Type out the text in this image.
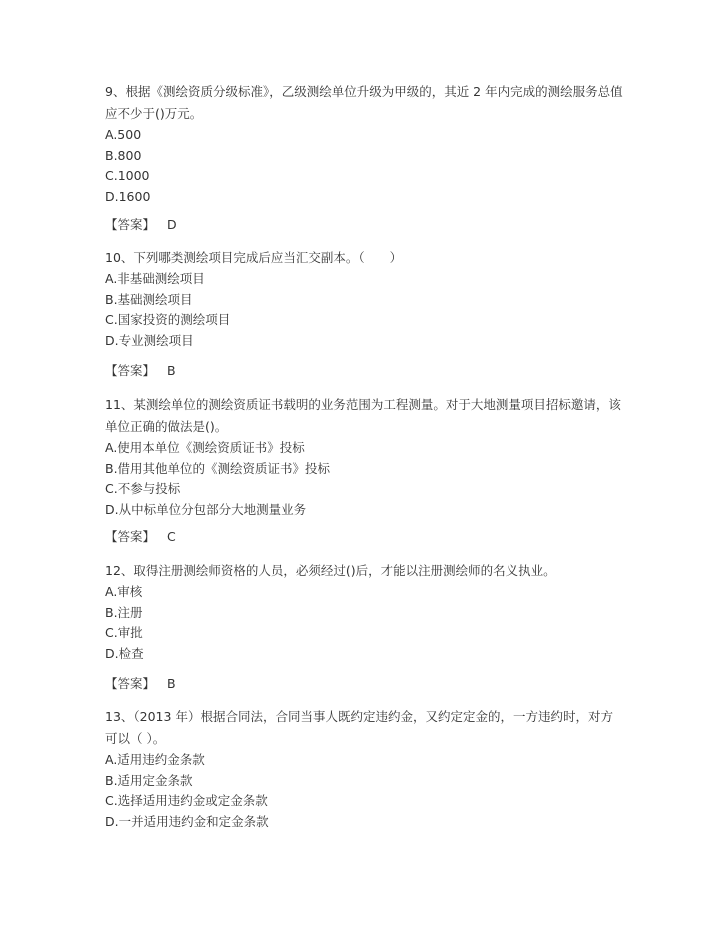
9、根据《测绘资质分级标准》，乙级测绘单位升级为甲级的，其近 2 年内完成的测绘服务总值应不少于()万元。

A.500
B.800
C.1000
D.1600
【答案】 D

10、下列哪类测绘项目完成后应当汇交副本。（　　）

A.非基础测绘项目
B.基础测绘项目
C.国家投资的测绘项目
D.专业测绘项目
【答案】 B

11、某测绘单位的测绘资质证书载明的业务范围为工程测量。对于大地测量项目招标邀请，该单位正确的做法是()。

A.使用本单位《测绘资质证书》投标
B.借用其他单位的《测绘资质证书》投标
C.不参与投标
D.从中标单位分包部分大地测量业务
【答案】 C

12、取得注册测绘师资格的人员，必须经过()后，才能以注册测绘师的名义执业。

A.审核
B.注册
C.审批
D.检查
【答案】 B

13、（2013 年）根据合同法，合同当事人既约定违约金，又约定定金的，一方违约时，对方可以（ ）。

A.适用违约金条款
B.适用定金条款
C.选择适用违约金或定金条款
D.一并适用违约金和定金条款
